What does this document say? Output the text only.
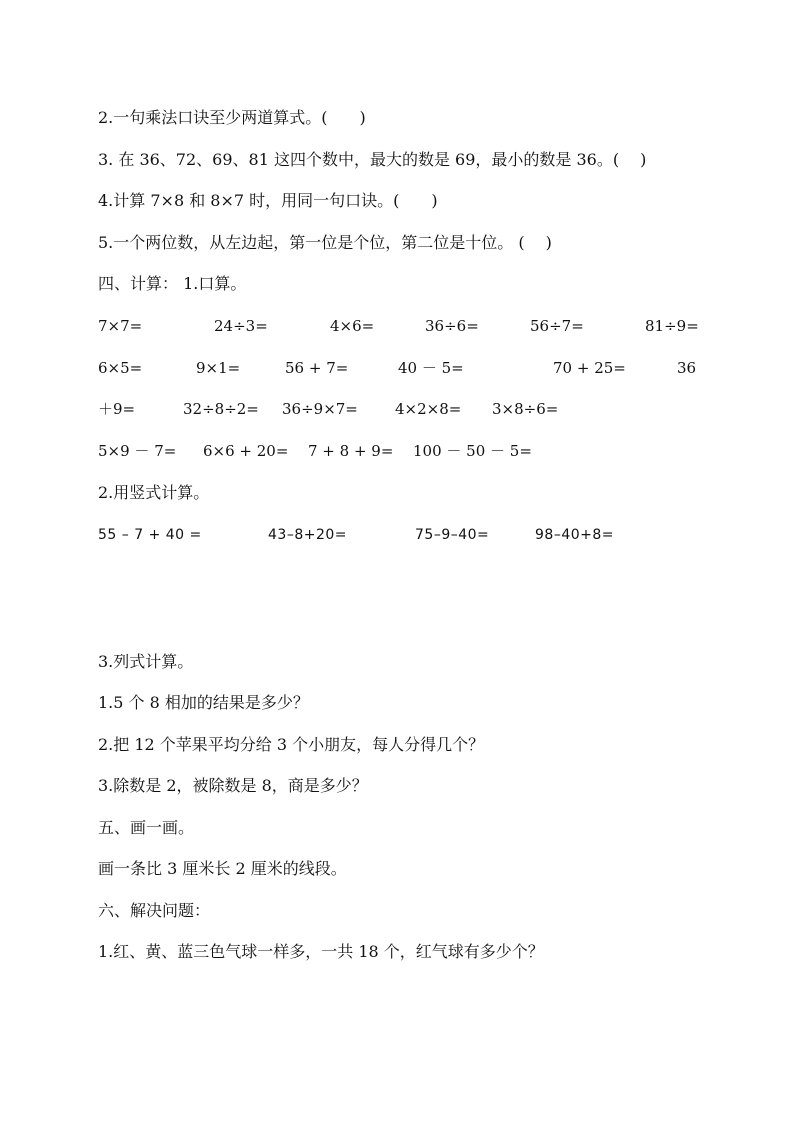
2.一句乘法口诀至少两道算式。(　　)
3. 在 36、72、69、81 这四个数中，最大的数是 69，最小的数是 36。(　 )
4.计算 7×8 和 8×7 时，用同一句口诀。(　　)
5.一个两位数，从左边起，第一位是个位，第二位是十位。 (　 )
四、计算： 1.口算。
7×7=	24÷3=	4×6=	36÷6=	56÷7=	81÷9=
6×5=	9×1=	56 + 7=	40 － 5=	70 + 25=	36
＋9=	32÷8÷2= 36÷9×7= 4×2×8= 3×8÷6=
5×9 － 7= 6×6 + 20= 7 + 8 + 9= 100 － 50 － 5=
2.用竖式计算。
55 – 7 + 40 =	43–8+20=	75–9–40=	98–40+8=
3.列式计算。
1.5 个 8 相加的结果是多少？
2.把 12 个苹果平均分给 3 个小朋友，每人分得几个？
3.除数是 2，被除数是 8，商是多少？
五、画一画。
画一条比 3 厘米长 2 厘米的线段。
六、解决问题：
1.红、黄、蓝三色气球一样多，一共 18 个，红气球有多少个？
